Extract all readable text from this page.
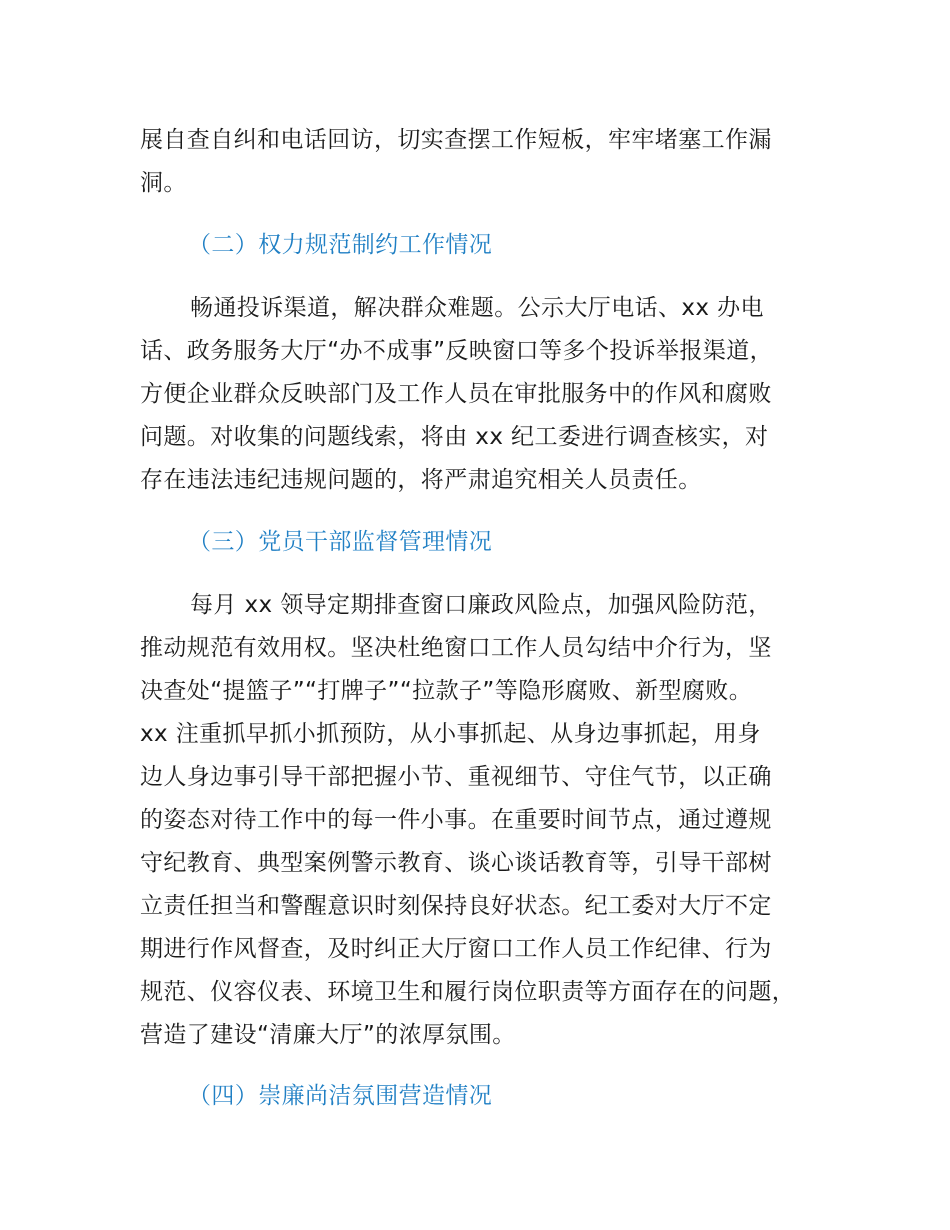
展自查自纠和电话回访，切实查摆工作短板，牢牢堵塞工作漏
洞。
（二）权力规范制约工作情况
畅通投诉渠道，解决群众难题。公示大厅电话、xx 办电
话、政务服务大厅“办不成事”反映窗口等多个投诉举报渠道，
方便企业群众反映部门及工作人员在审批服务中的作风和腐败
问题。对收集的问题线索，将由 xx 纪工委进行调查核实，对
存在违法违纪违规问题的，将严肃追究相关人员责任。
（三）党员干部监督管理情况
每月 xx 领导定期排查窗口廉政风险点，加强风险防范，
推动规范有效用权。坚决杜绝窗口工作人员勾结中介行为，坚
决查处“提篮子”“打牌子”“拉款子”等隐形腐败、新型腐败。
xx 注重抓早抓小抓预防，从小事抓起、从身边事抓起，用身
边人身边事引导干部把握小节、重视细节、守住气节，以正确
的姿态对待工作中的每一件小事。在重要时间节点，通过遵规
守纪教育、典型案例警示教育、谈心谈话教育等，引导干部树
立责任担当和警醒意识时刻保持良好状态。纪工委对大厅不定
期进行作风督查，及时纠正大厅窗口工作人员工作纪律、行为
规范、仪容仪表、环境卫生和履行岗位职责等方面存在的问题，
营造了建设“清廉大厅”的浓厚氛围。
（四）崇廉尚洁氛围营造情况
